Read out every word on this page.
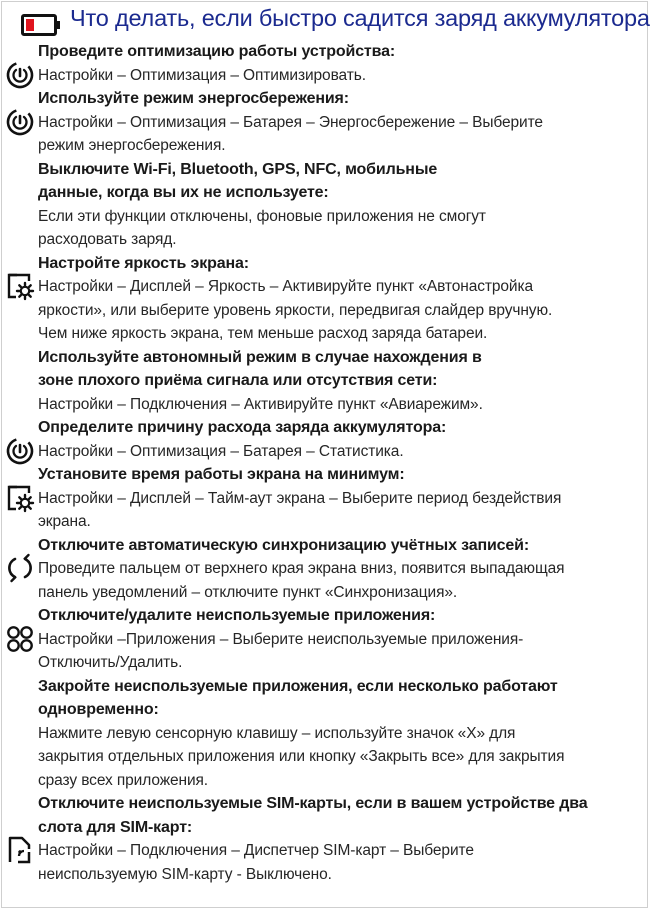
Что делать, если быстро садится заряд аккумулятора
Проведите оптимизацию работы устройства:
Настройки – Оптимизация – Оптимизировать.
Используйте режим энергосбережения:
Настройки – Оптимизация – Батарея – Энергосбережение – Выберите
режим энергосбережения.
Выключите Wi-Fi, Bluetooth, GPS, NFC, мобильные
данные, когда вы их не используете:
Если эти функции отключены, фоновые приложения не смогут
расходовать заряд.
Настройте яркость экрана:
Настройки – Дисплей – Яркость – Активируйте пункт «Автонастройка
яркости», или выберите уровень яркости, передвигая слайдер вручную.
Чем ниже яркость экрана, тем меньше расход заряда батареи.
Используйте автономный режим в случае нахождения в
зоне плохого приёма сигнала или отсутствия сети:
Настройки – Подключения – Активируйте пункт «Авиарежим».
Определите причину расхода заряда аккумулятора:
Настройки – Оптимизация – Батарея – Статистика.
Установите время работы экрана на минимум:
Настройки – Дисплей – Тайм-аут экрана – Выберите период бездействия
экрана.
Отключите автоматическую синхронизацию учётных записей:
Проведите пальцем от верхнего края экрана вниз, появится выпадающая
панель уведомлений – отключите пункт «Синхронизация».
Отключите/удалите неиспользуемые приложения:
Настройки –Приложения – Выберите неиспользуемые приложения-
Отключить/Удалить.
Закройте неиспользуемые приложения, если несколько работают
одновременно:
Нажмите левую сенсорную клавишу – используйте значок «X» для
закрытия отдельных приложения или кнопку «Закрыть все» для закрытия
сразу всех приложения.
Отключите неиспользуемые SIM-карты, если в вашем устройстве два
слота для SIM-карт:
Настройки – Подключения – Диспетчер SIM-карт – Выберите
неиспользуемую SIM-карту - Выключено.
